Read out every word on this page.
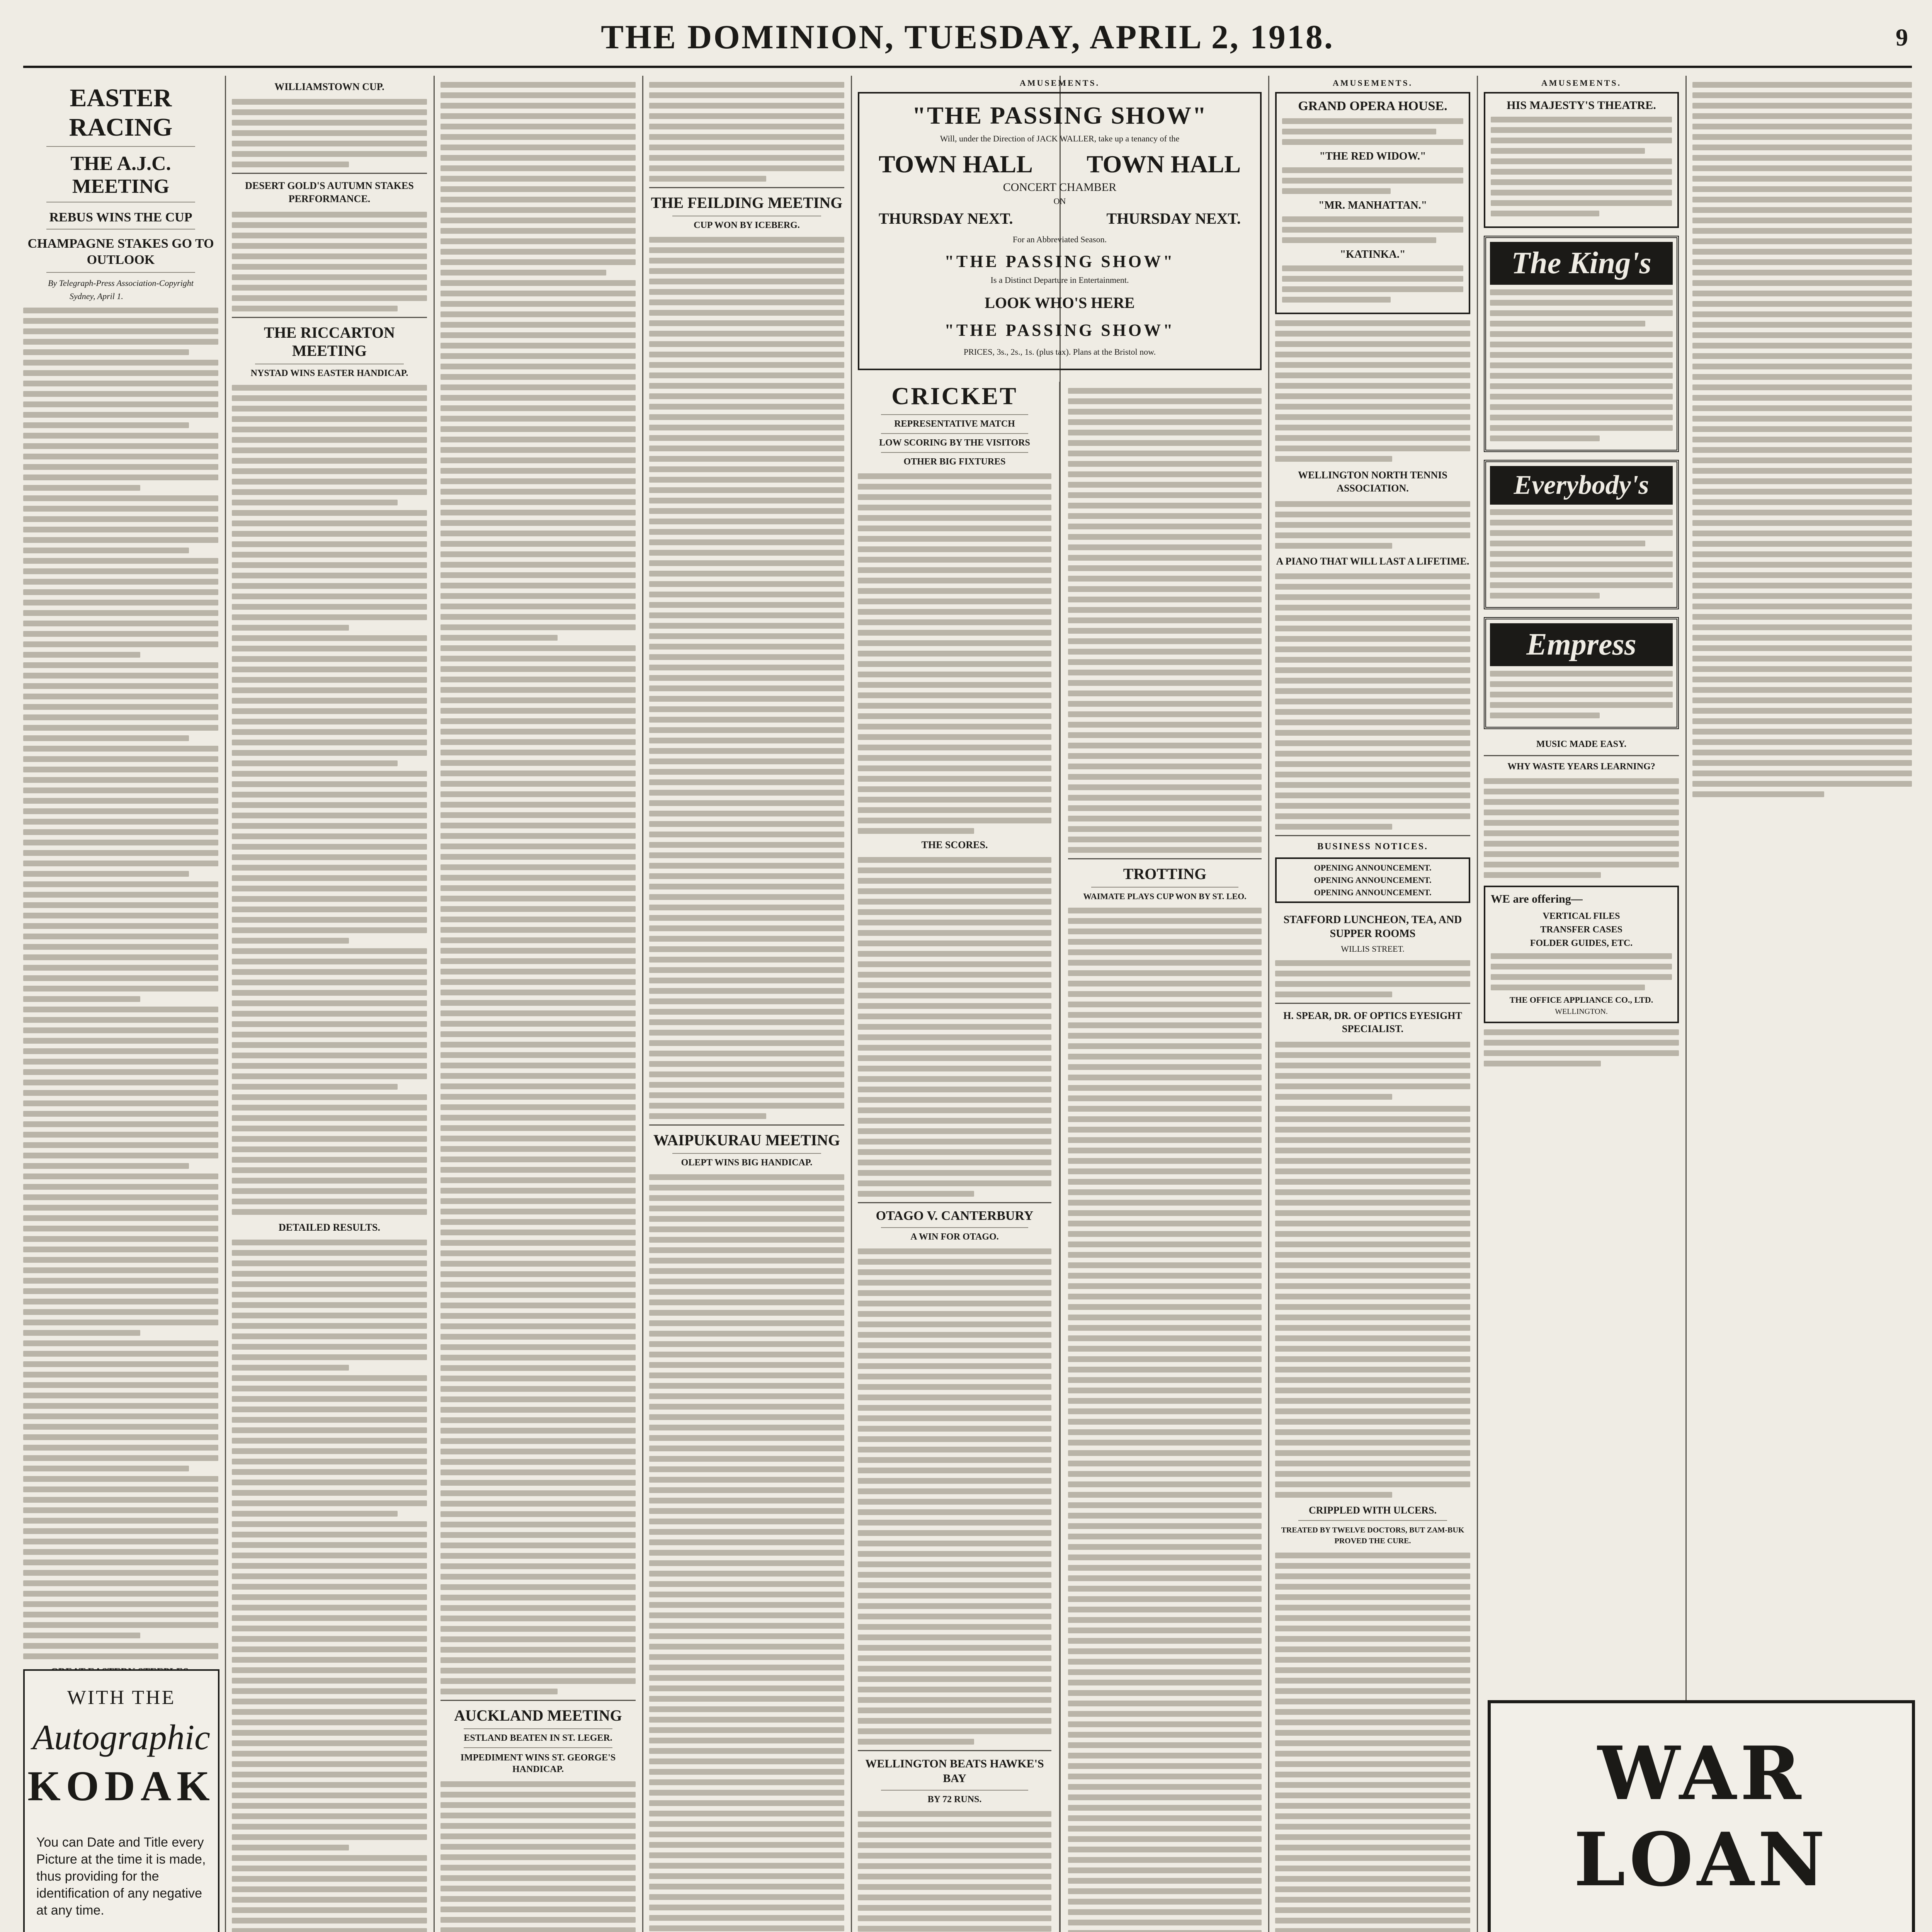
THE DOMINION, TUESDAY, APRIL 2, 1918.	9
EASTER RACING
THE A.J.C. MEETING
REBUS WINS THE CUP
CHAMPAGNE STAKES GO TO OUTLOOK
By Telegraph-Press Association-Copyright
Sydney, April 1.
WITH THE
Autographic
KODAK
You can Date and Title every Picture at the time it is made, thus providing for the identification of any negative at any time.
WILLIAMSTOWN CUP.
DESERT GOLD'S AUTUMN STAKES PERFORMANCE.
THE RICCARTON MEETING
NYSTAD WINS EASTER HANDICAP.
DETAILED RESULTS.
AUCKLAND MEETING
ESTLAND BEATEN IN ST. LEGER.
IMPEDIMENT WINS ST. GEORGE'S HANDICAP.
THE FEILDING MEETING
CUP WON BY ICEBERG.
WAIPUKURAU MEETING
OLEPT WINS BIG HANDICAP.
AMUSEMENTS.
"THE PASSING SHOW"
Will, under the Direction of JACK WALLER, take up a tenancy of the
TOWN HALL TOWN HALL
CONCERT CHAMBER
ON
THURSDAY NEXT.	THURSDAY NEXT.
For an Abbreviated Season.
"THE PASSING SHOW"
Is a Distinct Departure in Entertainment.
LOOK WHO'S HERE
"THE PASSING SHOW"
PRICES, 3s., 2s., 1s. (plus tax). Plans at the Bristol now.
CRICKET
REPRESENTATIVE MATCH
LOW SCORING BY THE VISITORS
OTHER BIG FIXTURES
THE SCORES.
OTAGO V. CANTERBURY
A WIN FOR OTAGO.
WELLINGTON BEATS HAWKE'S BAY
BY 72 RUNS.
TROTTING
WAIMATE PLAYS CUP WON BY ST. LEO.
AMUSEMENTS.
GRAND OPERA HOUSE.
"THE RED WIDOW."
"MR. MANHATTAN."
"KATINKA."
WELLINGTON NORTH TENNIS ASSOCIATION.
A PIANO THAT WILL LAST A LIFETIME.
BUSINESS NOTICES.
OPENING ANNOUNCEMENT.
OPENING ANNOUNCEMENT.
OPENING ANNOUNCEMENT.
STAFFORD LUNCHEON, TEA, AND SUPPER ROOMS
WILLIS STREET.
H. SPEAR, DR. OF OPTICS EYESIGHT SPECIALIST.
CRIPPLED WITH ULCERS.
TREATED BY TWELVE DOCTORS, BUT ZAM-BUK PROVED THE CURE.
AMUSEMENTS.
HIS MAJESTY'S THEATRE.
The King's
Everybody's
Empress
MUSIC MADE EASY.
WHY WASTE YEARS LEARNING?
WE are offering—
VERTICAL FILES
TRANSFER CASES
FOLDER GUIDES, ETC.
THE OFFICE APPLIANCE CO., LTD.
WELLINGTON.
WAR LOAN
